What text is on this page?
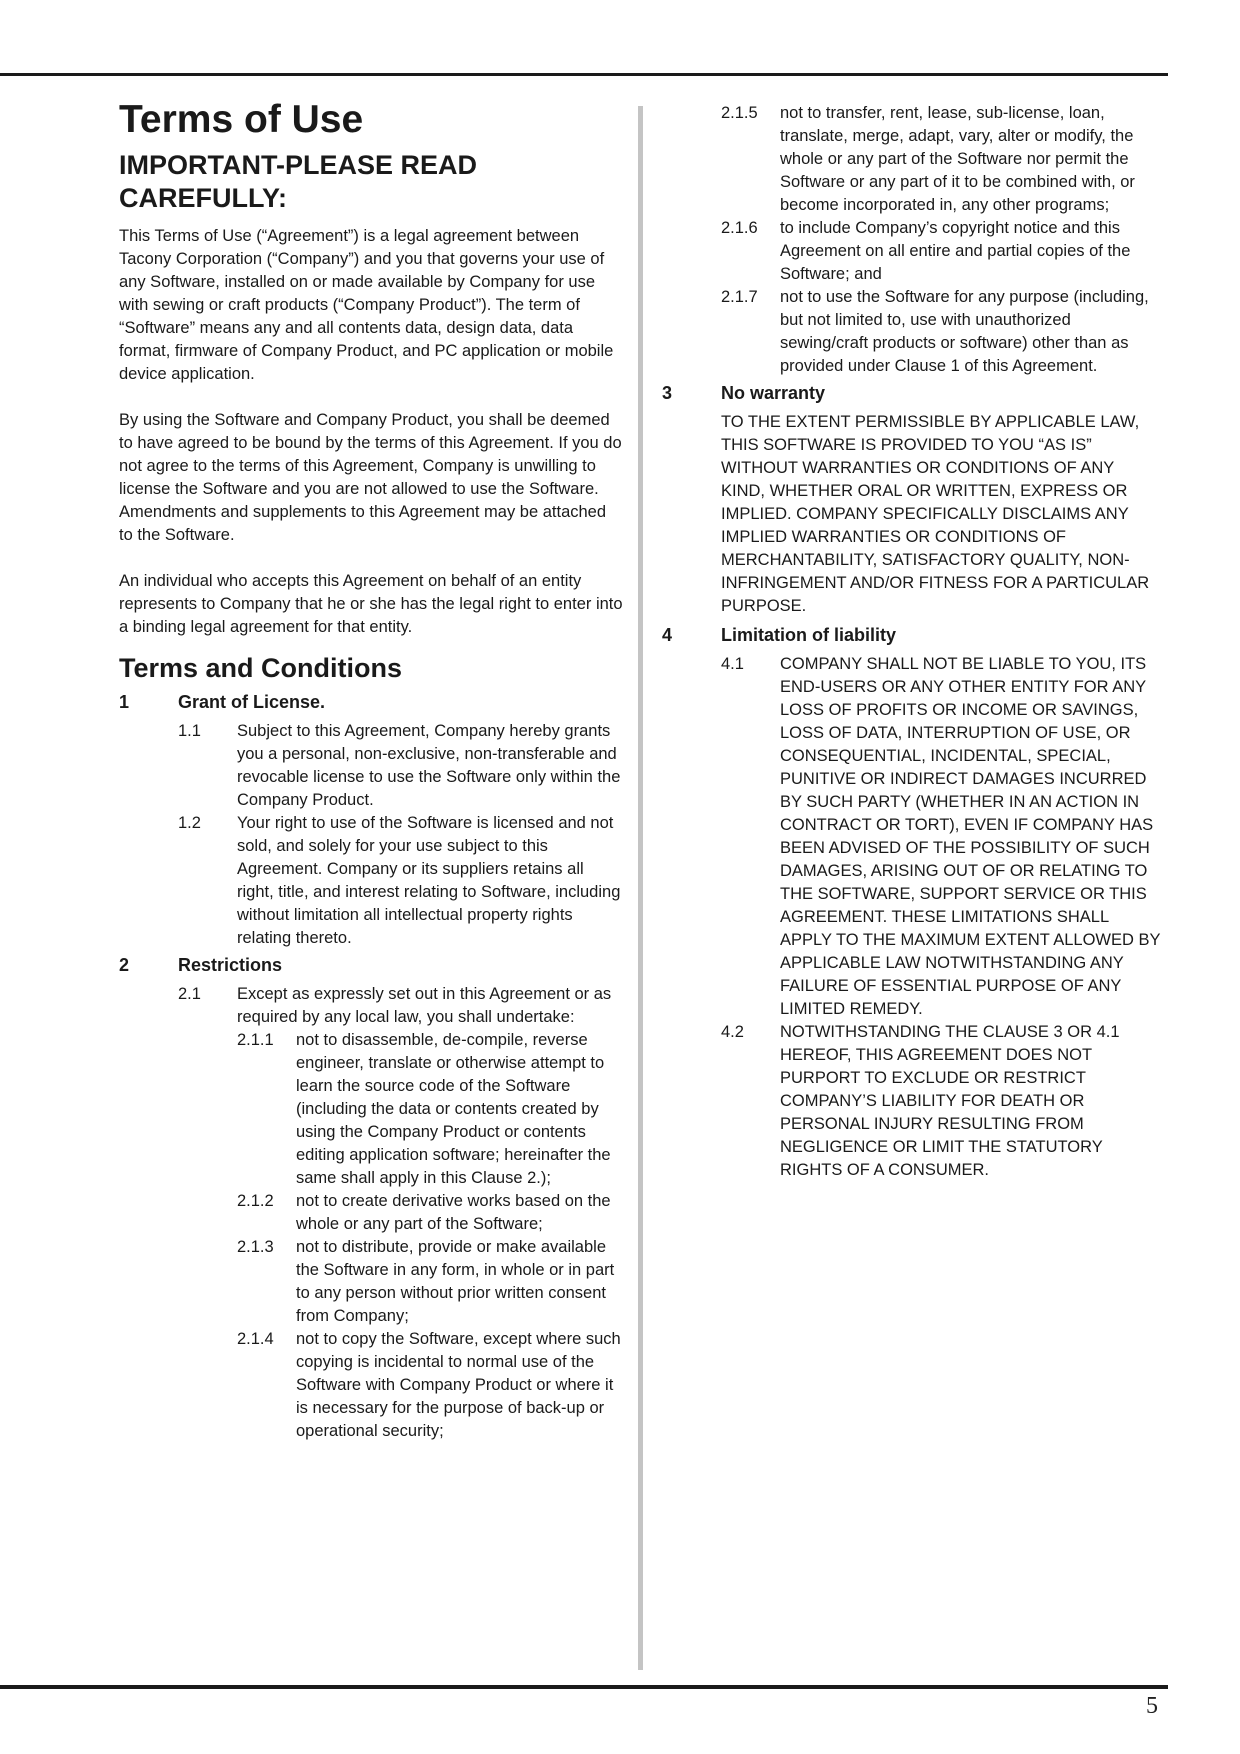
5
Terms of Use
IMPORTANT-PLEASE READ CAREFULLY:

This Terms of Use (“Agreement”) is a legal agreement between Tacony Corporation (“Company”) and you that governs your use of any Software, installed on or made available by Company for use with sewing or craft products (“Company Product”). The term of “Software” means any and all contents data, design data, data format, firmware of Company Product, and PC application or mobile device application.

By using the Software and Company Product, you shall be deemed to have agreed to be bound by the terms of this Agreement. If you do not agree to the terms of this Agreement, Company is unwilling to license the Software and you are not allowed to use the Software. Amendments and supplements to this Agreement may be attached to the Software.

An individual who accepts this Agreement on behalf of an entity represents to Company that he or she has the legal right to enter into a binding legal agreement for that entity.

Terms and Conditions
1	Grant of License.
1.1	Subject to this Agreement, Company hereby grants you a personal, non-exclusive, non-transferable and revocable license to use the Software only within the Company Product.
1.2	Your right to use of the Software is licensed and not sold, and solely for your use subject to this Agreement. Company or its suppliers retains all right, title, and interest relating to Software, including without limitation all intellectual property rights relating thereto.
2	Restrictions
2.1	Except as expressly set out in this Agreement or as required by any local law, you shall undertake:
2.1.1	not to disassemble, de-compile, reverse engineer, translate or otherwise attempt to learn the source code of the Software (including the data or contents created by using the Company Product or contents editing application software; hereinafter the same shall apply in this Clause 2.);
2.1.2	not to create derivative works based on the whole or any part of the Software;
2.1.3	not to distribute, provide or make available the Software in any form, in whole or in part to any person without prior written consent from Company;
2.1.4	not to copy the Software, except where such copying is incidental to normal use of the Software with Company Product or where it is necessary for the purpose of back-up or operational security;
2.1.5	not to transfer, rent, lease, sub-license, loan, translate, merge, adapt, vary, alter or modify, the whole or any part of the Software nor permit the Software or any part of it to be combined with, or become incorporated in, any other programs;
2.1.6	to include Company’s copyright notice and this Agreement on all entire and partial copies of the Software; and
2.1.7	not to use the Software for any purpose (including, but not limited to, use with unauthorized sewing/craft products or software) other than as provided under Clause 1 of this Agreement.
3	No warranty
TO THE EXTENT PERMISSIBLE BY APPLICABLE LAW, THIS SOFTWARE IS PROVIDED TO YOU “AS IS” WITHOUT WARRANTIES OR CONDITIONS OF ANY KIND, WHETHER ORAL OR WRITTEN, EXPRESS OR IMPLIED. COMPANY SPECIFICALLY DISCLAIMS ANY IMPLIED WARRANTIES OR CONDITIONS OF MERCHANTABILITY, SATISFACTORY QUALITY, NON-INFRINGEMENT AND/OR FITNESS FOR A PARTICULAR PURPOSE.
4	Limitation of liability
4.1	COMPANY SHALL NOT BE LIABLE TO YOU, ITS END-USERS OR ANY OTHER ENTITY FOR ANY LOSS OF PROFITS OR INCOME OR SAVINGS, LOSS OF DATA, INTERRUPTION OF USE, OR CONSEQUENTIAL, INCIDENTAL, SPECIAL, PUNITIVE OR INDIRECT DAMAGES INCURRED BY SUCH PARTY (WHETHER IN AN ACTION IN CONTRACT OR TORT), EVEN IF COMPANY HAS BEEN ADVISED OF THE POSSIBILITY OF SUCH DAMAGES, ARISING OUT OF OR RELATING TO THE SOFTWARE, SUPPORT SERVICE OR THIS AGREEMENT. THESE LIMITATIONS SHALL APPLY TO THE MAXIMUM EXTENT ALLOWED BY APPLICABLE LAW NOTWITHSTANDING ANY FAILURE OF ESSENTIAL PURPOSE OF ANY LIMITED REMEDY.
4.2	NOTWITHSTANDING THE CLAUSE 3 OR 4.1 HEREOF, THIS AGREEMENT DOES NOT PURPORT TO EXCLUDE OR RESTRICT COMPANY’S LIABILITY FOR DEATH OR PERSONAL INJURY RESULTING FROM NEGLIGENCE OR LIMIT THE STATUTORY RIGHTS OF A CONSUMER.
